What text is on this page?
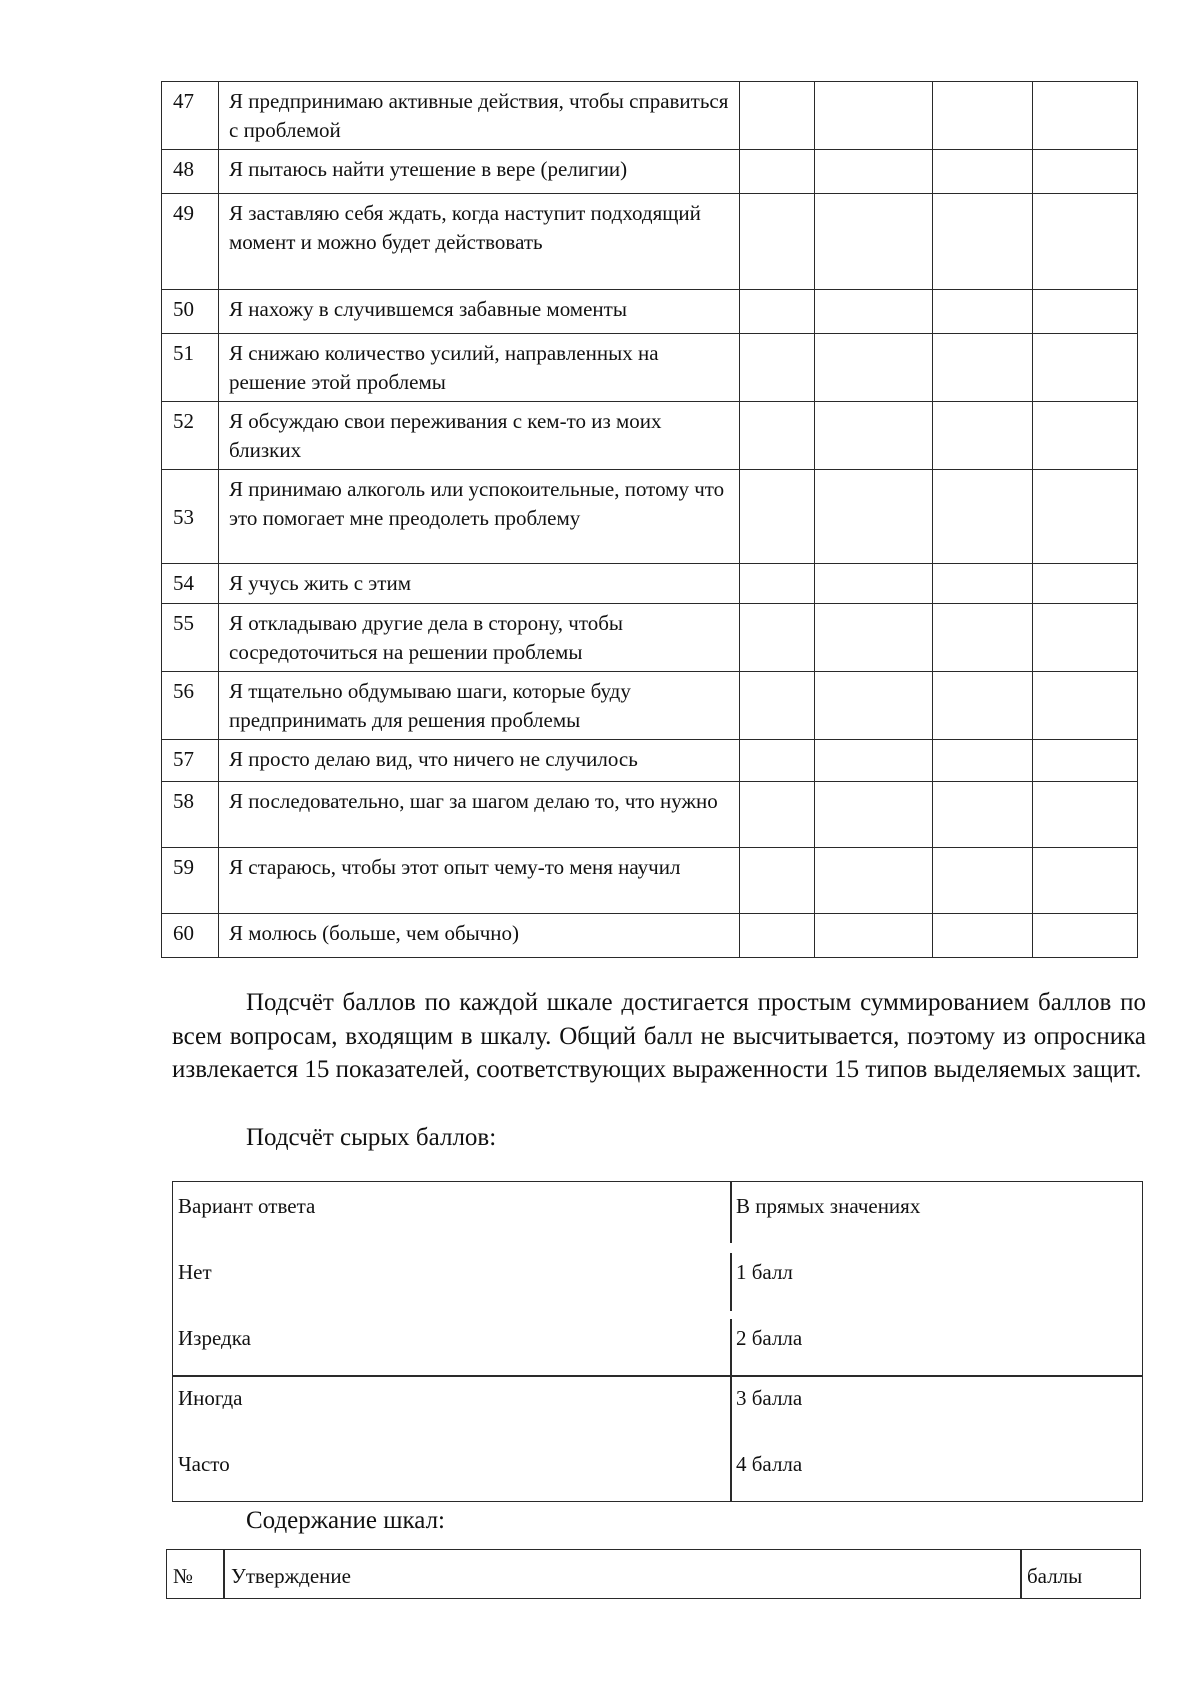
47	Я предпринимаю активные действия, чтобы справиться с проблемой				
48	Я пытаюсь найти утешение в вере (религии)				
49	Я заставляю себя ждать, когда наступит подходящий момент и можно будет действовать				
50	Я нахожу в случившемся забавные моменты				
51	Я снижаю количество усилий, направленных на решение этой проблемы				
52	Я обсуждаю свои переживания с кем-то из моих близких				
53	Я принимаю алкоголь или успокоительные, потому что это помогает мне преодолеть проблему				
54	Я учусь жить с этим				
55	Я откладываю другие дела в сторону, чтобы сосредоточиться на решении проблемы				
56	Я тщательно обдумываю шаги, которые буду предпринимать для решения проблемы				
57	Я просто делаю вид, что ничего не случилось				
58	Я последовательно, шаг за шагом делаю то, что нужно				
59	Я стараюсь, чтобы этот опыт чему-то меня научил				
60	Я молюсь (больше, чем обычно)				

Подсчёт баллов по каждой шкале достигается простым суммированием баллов по всем вопросам, входящим в шкалу. Общий балл не высчитывается, поэтому из опросника извлекается 15 показателей, соответствующих выраженности 15 типов выделяемых защит.

Подсчёт сырых баллов:

Вариант ответа	В прямых значениях
Нет	1 балл
Изредка	2 балла
Иногда	3 балла
Часто	4 балла

Содержание шкал:

№ Утверждение	баллы
